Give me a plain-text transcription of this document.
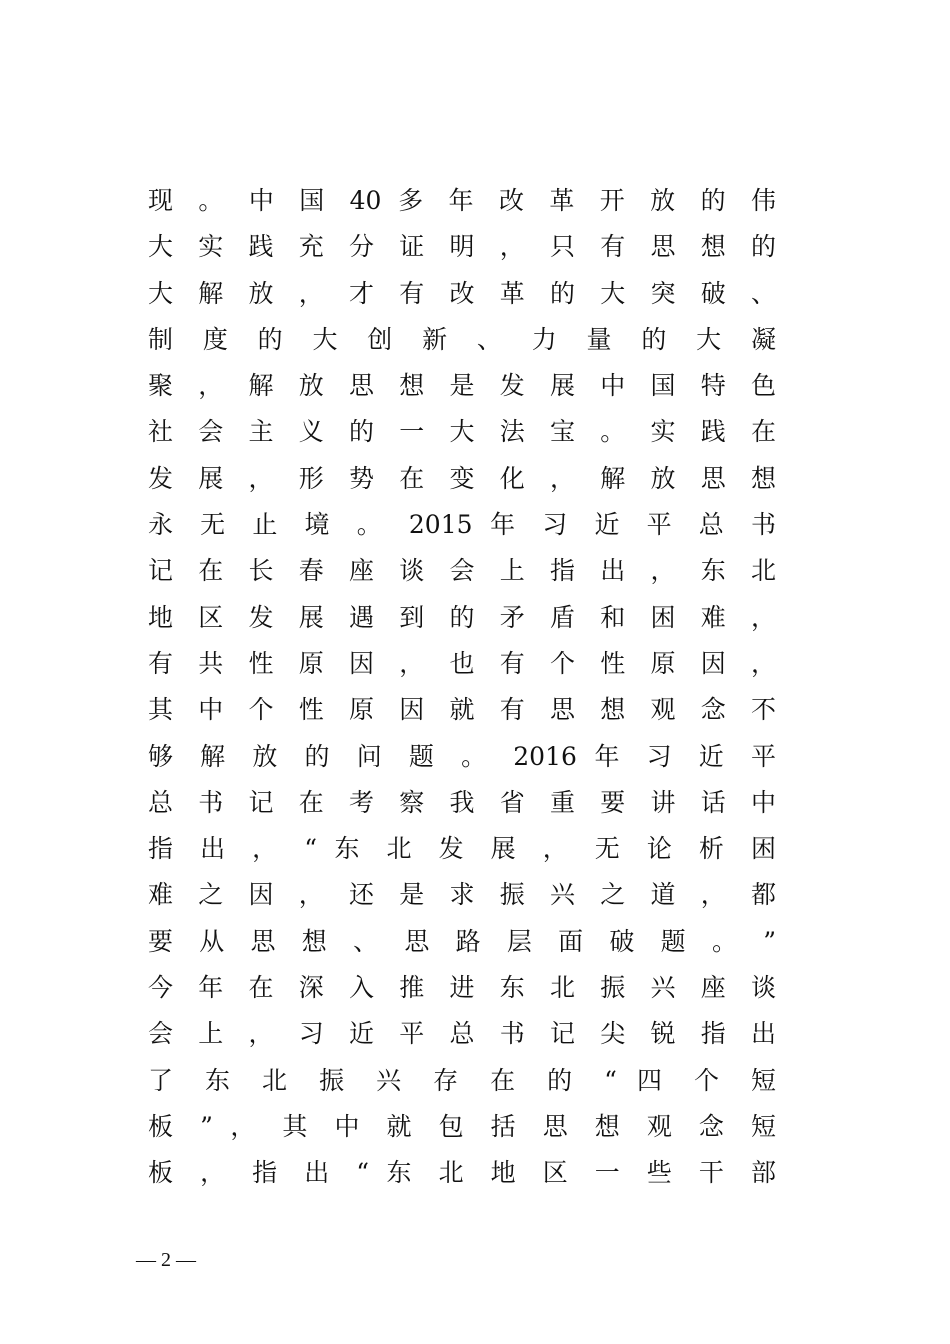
现 。 中 国 40 多 年 改 革 开 放 的 伟
大 实 践 充 分 证 明 ， 只 有 思 想 的
大 解 放 ， 才 有 改 革 的 大 突 破 、
制 度 的 大 创 新 、 力 量 的 大 凝
聚 ， 解 放 思 想 是 发 展 中 国 特 色
社 会 主 义 的 一 大 法 宝 。 实 践 在
发 展 ， 形 势 在 变 化 ， 解 放 思 想
永 无 止 境 。 2015 年 习 近 平 总 书
记 在 长 春 座 谈 会 上 指 出 ， 东 北
地 区 发 展 遇 到 的 矛 盾 和 困 难 ，
有 共 性 原 因 ， 也 有 个 性 原 因 ，
其 中 个 性 原 因 就 有 思 想 观 念 不
够 解 放 的 问 题 。 2016 年 习 近 平
总 书 记 在 考 察 我 省 重 要 讲 话 中
指 出 ， “ 东 北 发 展 ， 无 论 析 困
难 之 因 ， 还 是 求 振 兴 之 道 ， 都
要 从 思 想 、 思 路 层 面 破 题 。 ”
今 年 在 深 入 推 进 东 北 振 兴 座 谈
会 上 ， 习 近 平 总 书 记 尖 锐 指 出
了 东 北 振 兴 存 在 的 “ 四 个 短
板 ” ， 其 中 就 包 括 思 想 观 念 短
板 ， 指 出 “ 东 北 地 区 一 些 干 部
— 2 —
